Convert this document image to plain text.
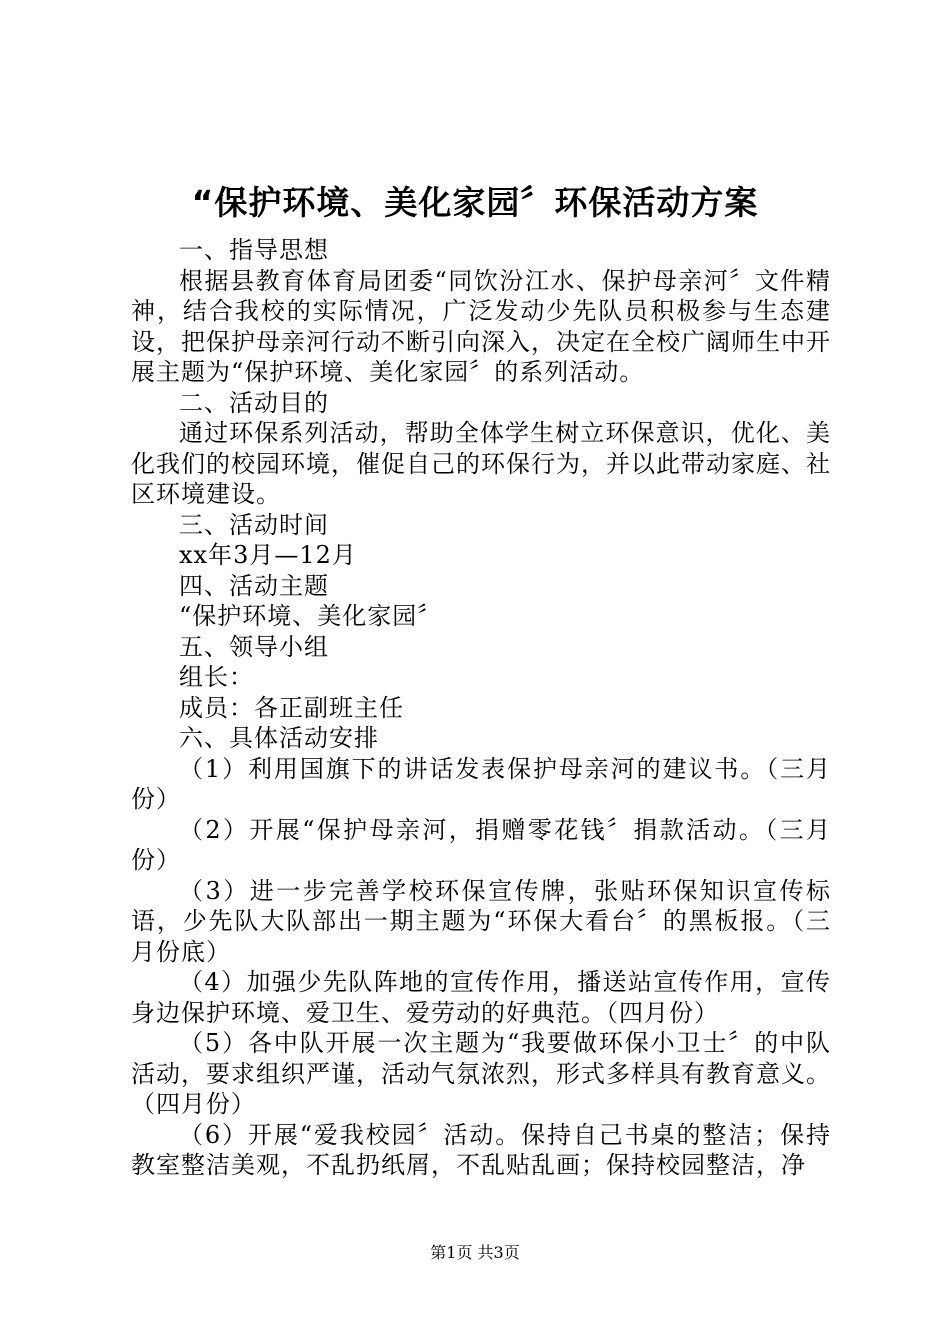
“保护环境、美化家园〞环保活动方案

一、指导思想

根据县教育体育局团委“同饮汾江水、保护母亲河〞文件精神，结合我校的实际情况，广泛发动少先队员积极参与生态建设，把保护母亲河行动不断引向深入，决定在全校广阔师生中开展主题为“保护环境、美化家园〞的系列活动。

二、活动目的

通过环保系列活动，帮助全体学生树立环保意识，优化、美化我们的校园环境，催促自己的环保行为，并以此带动家庭、社区环境建设。

三、活动时间

xx年3月—12月

四、活动主题

“保护环境、美化家园〞

五、领导小组

组长：

成员：各正副班主任

六、具体活动安排

（1）利用国旗下的讲话发表保护母亲河的建议书。（三月份）

（2）开展“保护母亲河，捐赠零花钱〞捐款活动。（三月份）

（3）进一步完善学校环保宣传牌，张贴环保知识宣传标语，少先队大队部出一期主题为“环保大看台〞的黑板报。（三月份底）

（4）加强少先队阵地的宣传作用，播送站宣传作用，宣传身边保护环境、爱卫生、爱劳动的好典范。（四月份）

（5）各中队开展一次主题为“我要做环保小卫士〞的中队活动，要求组织严谨，活动气氛浓烈，形式多样具有教育意义。（四月份）

（6）开展“爱我校园〞活动。保持自己书桌的整洁；保持教室整洁美观，不乱扔纸屑，不乱贴乱画；保持校园整洁，净

第1页 共3页
